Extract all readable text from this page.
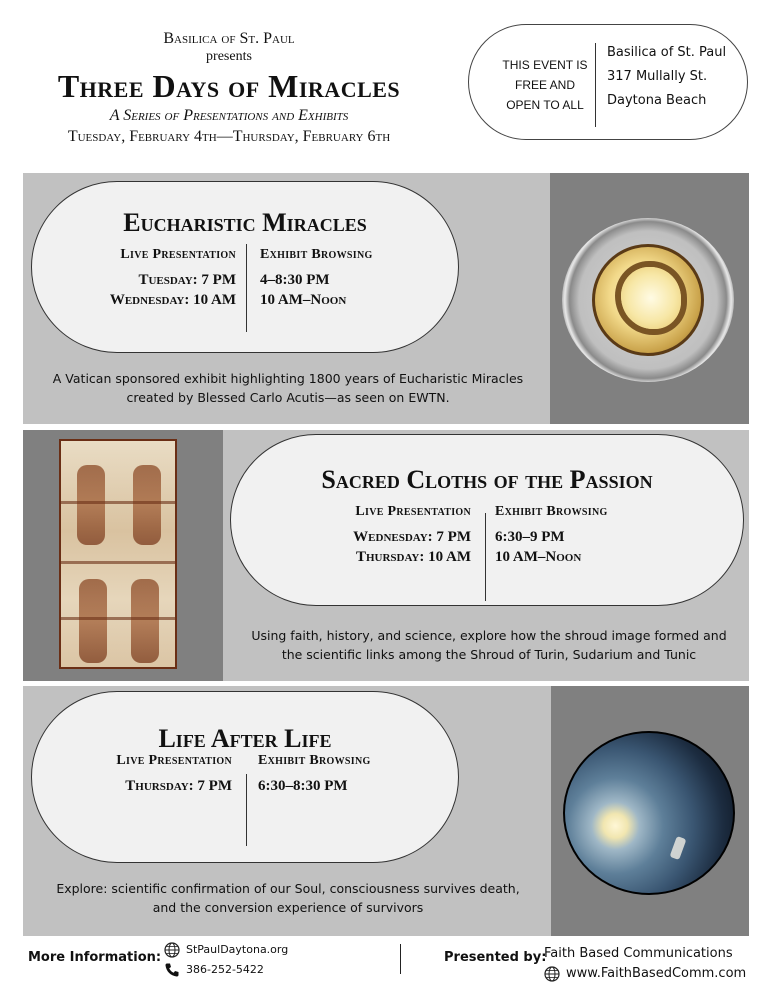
Basilica of St. Paul
presents
Three Days of Miracles
A Series of Presentations and Exhibits
Tuesday, February 4th—Thursday, February 6th
THIS EVENT IS
FREE AND
OPEN TO ALL
Basilica of St. Paul
317 Mullally St.
Daytona Beach
Eucharistic Miracles
Live Presentation
Tuesday: 7 PM
Wednesday: 10 AM
Exhibit Browsing
4–8:30 PM
10 AM–Noon
A Vatican sponsored exhibit highlighting 1800 years of Eucharistic Miracles
created by Blessed Carlo Acutis—as seen on EWTN.
Sacred Cloths of the Passion
Live Presentation
Wednesday: 7 PM
Thursday: 10 AM
Exhibit Browsing
6:30–9 PM
10 AM–Noon
Using faith, history, and science, explore how the shroud image formed and
the scientific links among the Shroud of Turin, Sudarium and Tunic
Life After Life
Live Presentation
Thursday: 7 PM
Exhibit Browsing
6:30–8:30 PM
Explore: scientific confirmation of our Soul, consciousness survives death,
and the conversion experience of survivors
More Information:
StPaulDaytona.org
386-252-5422
Presented by:
Faith Based Communications
www.FaithBasedComm.com
